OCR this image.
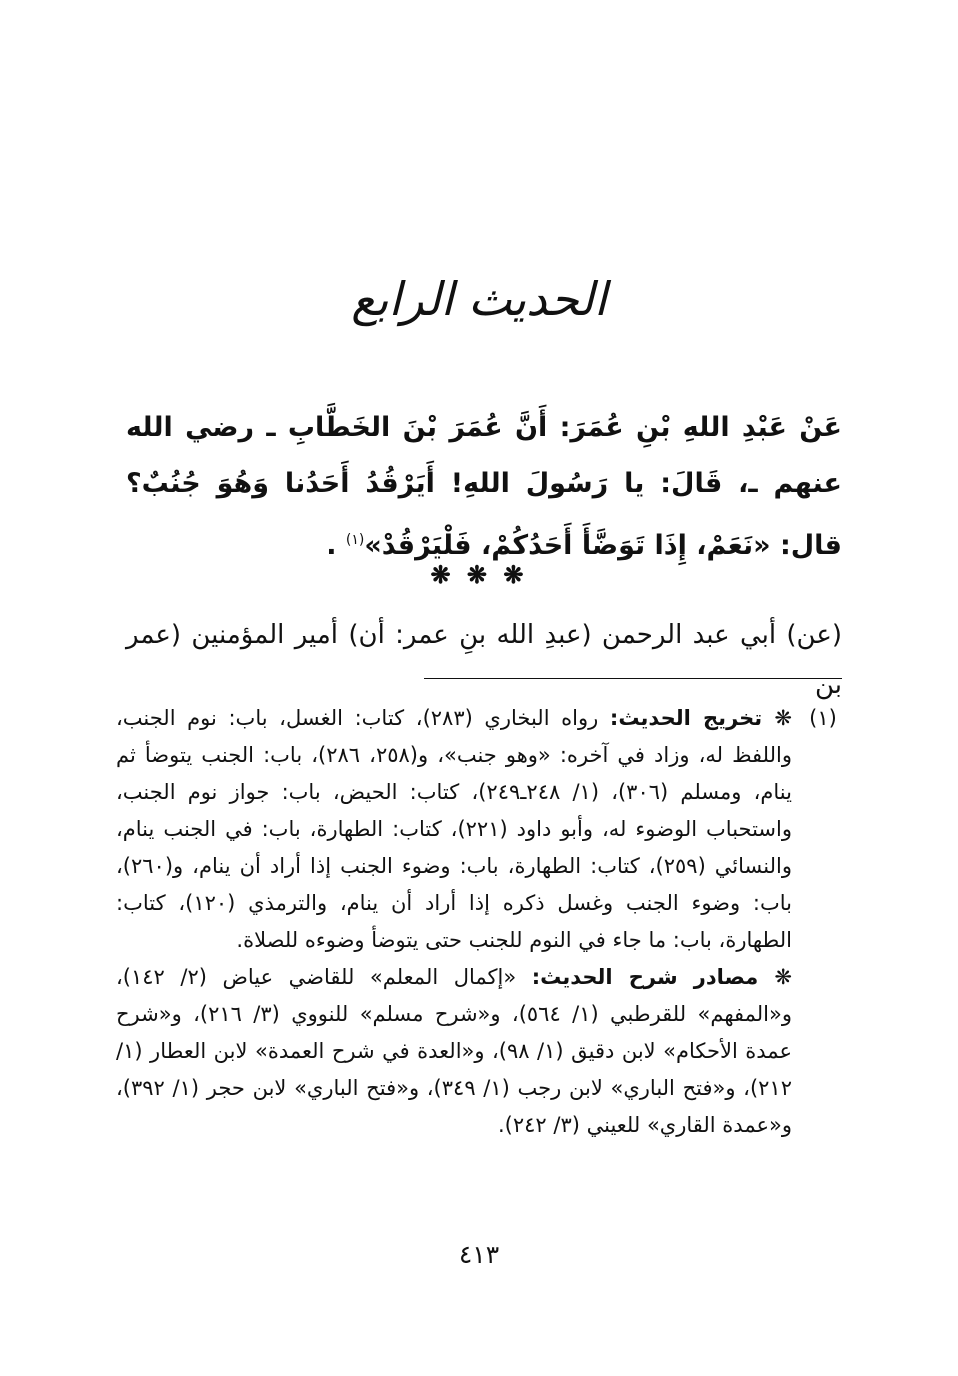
الحديث الرابع
عَنْ عَبْدِ اللهِ بْنِ عُمَرَ: أَنَّ عُمَرَ بْنَ الخَطَّابِ ـ رضي الله عنهم ـ، قَالَ: يا رَسُولَ اللهِ! أَيَرْقُدُ أَحَدُنا وَهُوَ جُنُبٌ؟ قال: «نَعَمْ، إِذَا تَوَضَّأَ أَحَدُكُمْ، فَلْيَرْقُدْ»$^{(١)}$ .
❋ ❋ ❋
(عن) أبي عبد الرحمن (عبدِ الله بنِ عمر: أن) أمير المؤمنين (عمر بن
(١)

❋ تخريج الحديث: رواه البخاري (٢٨٣)، كتاب: الغسل، باب: نوم الجنب، واللفظ له، وزاد في آخره: «وهو جنب»، و(٢٥٨، ٢٨٦)، باب: الجنب يتوضأ ثم ينام، ومسلم (٣٠٦)، (١/ ٢٤٨ـ٢٤٩)، كتاب: الحيض، باب: جواز نوم الجنب، واستحباب الوضوء له، وأبو داود (٢٢١)، كتاب: الطهارة، باب: في الجنب ينام، والنسائي (٢٥٩)، كتاب: الطهارة، باب: وضوء الجنب إذا أراد أن ينام، و(٢٦٠)، باب: وضوء الجنب وغسل ذكره إذا أراد أن ينام، والترمذي (١٢٠)، كتاب: الطهارة، باب: ما جاء في النوم للجنب حتى يتوضأ وضوءه للصلاة.

❋ مصادر شرح الحديث: «إكمال المعلم» للقاضي عياض (٢/ ١٤٢)، و«المفهم» للقرطبي (١/ ٥٦٤)، و«شرح مسلم» للنووي (٣/ ٢١٦)، و«شرح عمدة الأحكام» لابن دقيق (١/ ٩٨)، و«العدة في شرح العمدة» لابن العطار (١/ ٢١٢)، و«فتح الباري» لابن رجب (١/ ٣٤٩)، و«فتح الباري» لابن حجر (١/ ٣٩٢)، و«عمدة القاري» للعيني (٣/ ٢٤٢).

٤١٣
